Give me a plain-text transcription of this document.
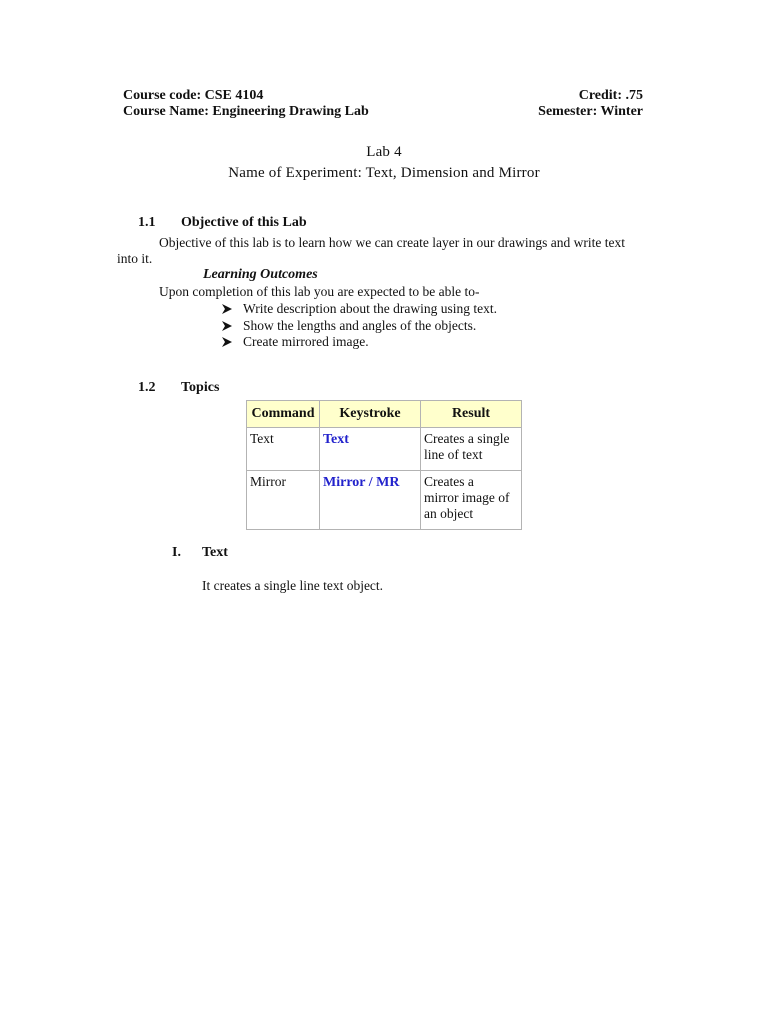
Course code: CSE 4104
Course Name: Engineering Drawing Lab
Credit: .75
Semester: Winter
Lab 4
Name of Experiment: Text, Dimension and Mirror
1.1 Objective of this Lab
Objective of this lab is to learn how we can create layer in our drawings and write text
into it.
Learning Outcomes
Upon completion of this lab you are expected to be able to-
Write description about the drawing using text.
Show the lengths and angles of the objects.
Create mirrored image.
1.2 Topics
Command	Keystroke	Result
Text	Text	Creates a single
line of text

Mirror	Mirror / MR	Creates a
mirror image of
an object
I. Text
It creates a single line text object.
